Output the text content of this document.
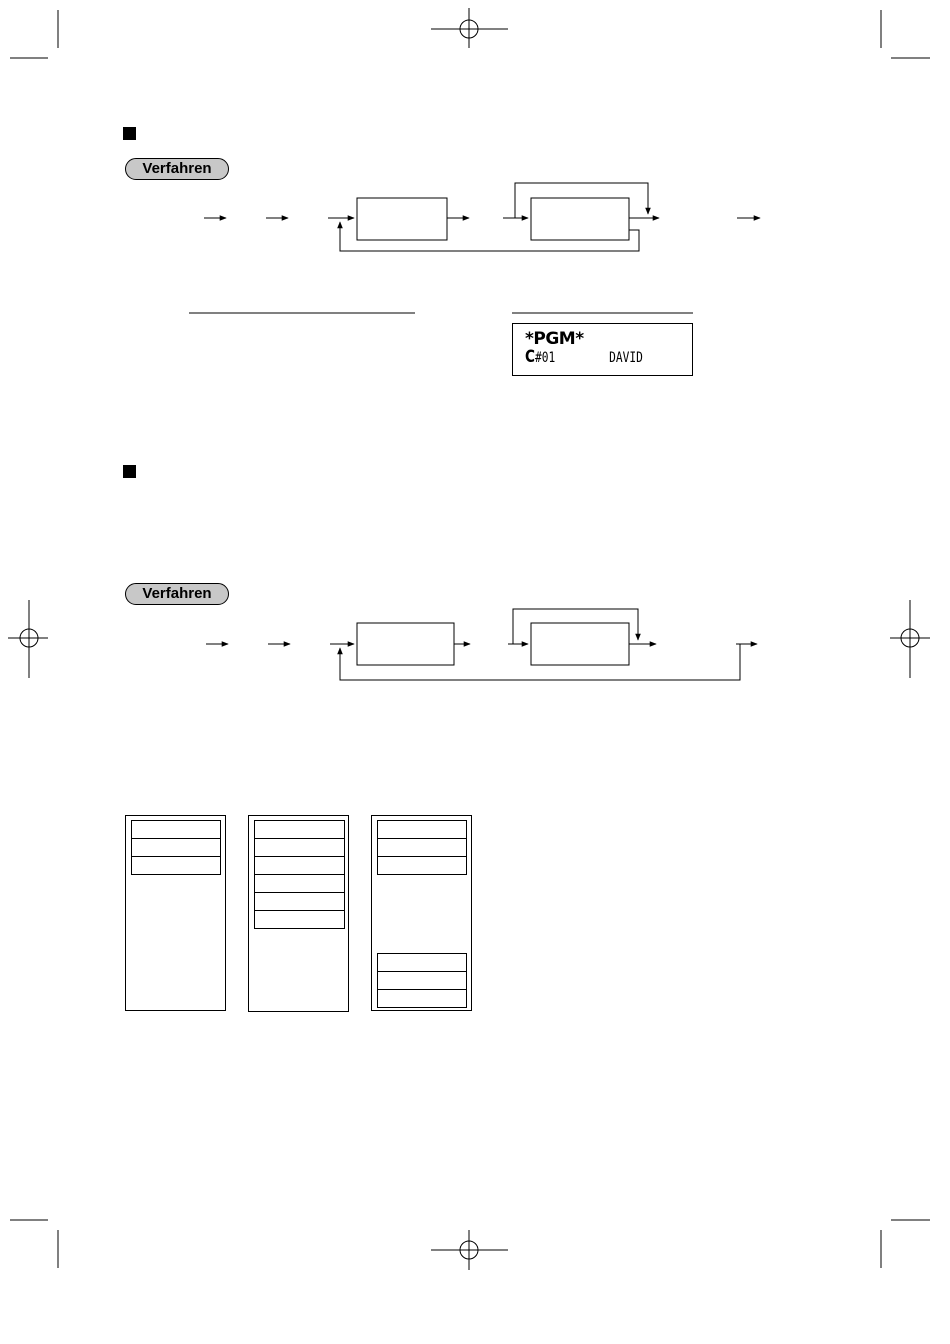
Verfahren
Verfahren
*PGM*
C#01	DAVID
